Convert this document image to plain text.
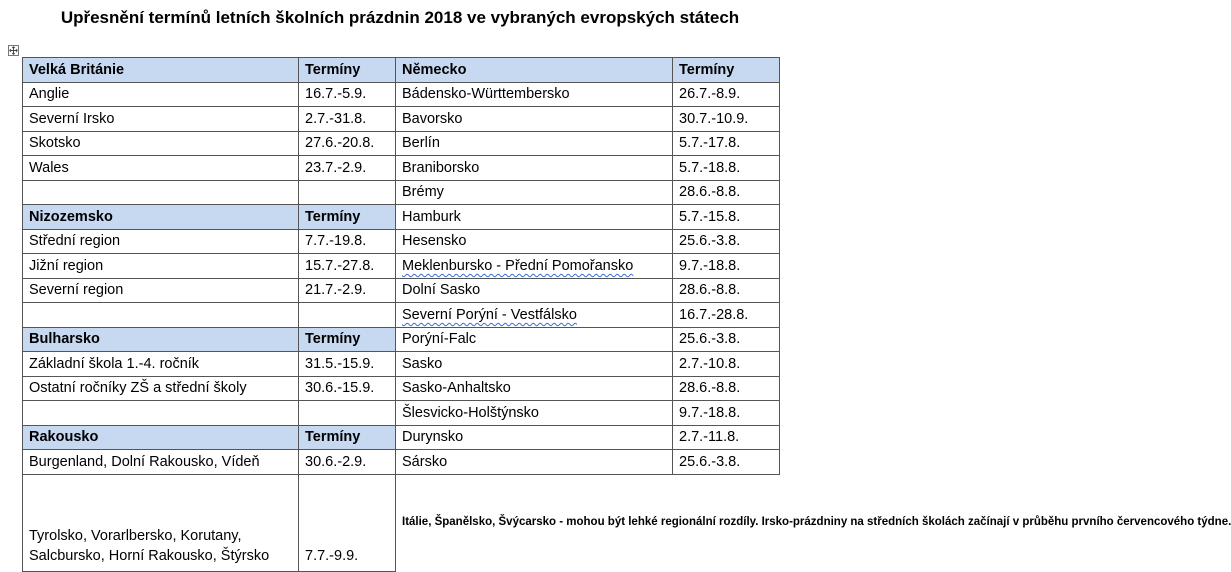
Upřesnění termínů letních školních prázdnin 2018 ve vybraných evropských státech
Velká Británie	Termíny	Německo	Termíny
Anglie	16.7.-5.9.	Bádensko-Württembersko	26.7.-8.9.
Severní Irsko	2.7.-31.8.	Bavorsko	30.7.-10.9.
Skotsko	27.6.-20.8.	Berlín	5.7.-17.8.
Wales	23.7.-2.9.	Braniborsko	5.7.-18.8.
		Brémy	28.6.-8.8.
Nizozemsko	Termíny	Hamburk	5.7.-15.8.
Střední region	7.7.-19.8.	Hesensko	25.6.-3.8.
Jižní region	15.7.-27.8.	Meklenbursko - Přední Pomořansko	9.7.-18.8.
Severní region	21.7.-2.9.	Dolní Sasko	28.6.-8.8.
		Severní Porýní - Vestfálsko	16.7.-28.8.
Bulharsko	Termíny	Porýní-Falc	25.6.-3.8.
Základní škola 1.-4. ročník	31.5.-15.9.	Sasko	2.7.-10.8.
Ostatní ročníky ZŠ a střední školy	30.6.-15.9.	Sasko-Anhaltsko	28.6.-8.8.
		Šlesvicko-Holštýnsko	9.7.-18.8.
Rakousko	Termíny	Durynsko	2.7.-11.8.
Burgenland, Dolní Rakousko, Vídeň	30.6.-2.9.	Sársko	25.6.-3.8.

Tyrolsko, Vorarlbersko, Korutany, Salcbursko, Horní Rakousko, Štýrsko	7.7.-9.9.	Itálie, Španělsko, Švýcarsko - mohou být lehké regionální rozdíly. Irsko-prázdniny na středních školách začínají v průběhu prvního červencového týdne.	
